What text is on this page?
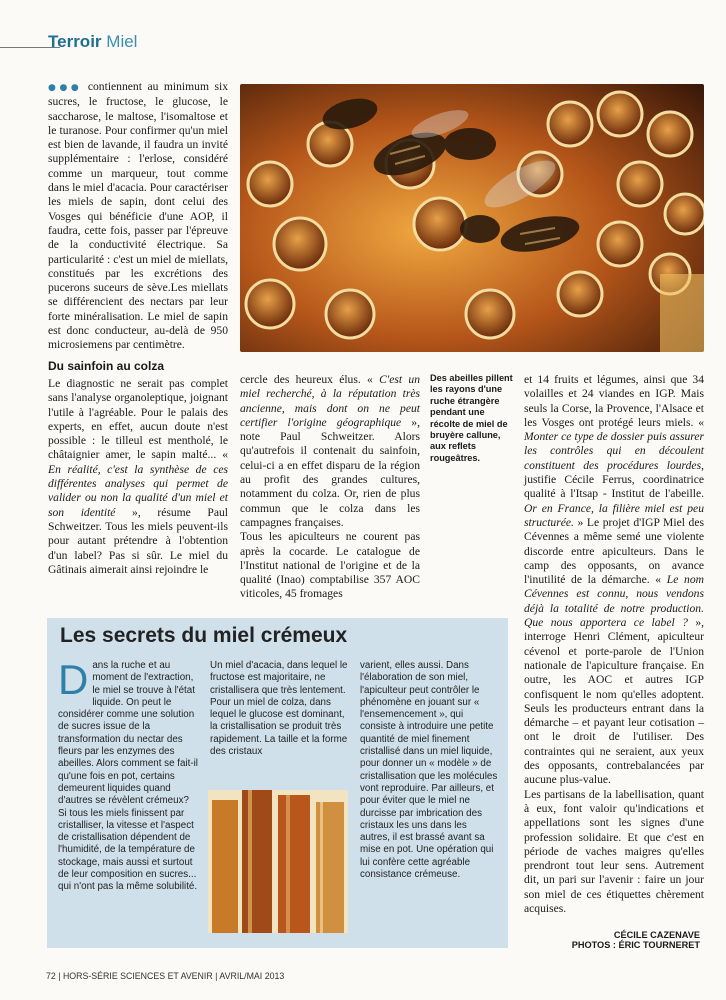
Terroir Miel

●●● contiennent au minimum six sucres, le fructose, le glucose, le saccharose, le maltose, l'isomaltose et le turanose. Pour confirmer qu'un miel est bien de lavande, il faudra un invité supplémentaire : l'erlose, considéré comme un marqueur, tout comme dans le miel d'acacia. Pour caractériser les miels de sapin, dont celui des Vosges qui bénéficie d'une AOP, il faudra, cette fois, passer par l'épreuve de la conductivité électrique. Sa particularité : c'est un miel de miellats, constitués par les excrétions des pucerons suceurs de sève.Les miellats se différencient des nectars par leur forte minéralisation. Le miel de sapin est donc conducteur, au-delà de 950 microsiemens par centimètre.

Du sainfoin au colza

Le diagnostic ne serait pas complet sans l'analyse organoleptique, joignant l'utile à l'agréable. Pour le palais des experts, en effet, aucun doute n'est possible : le tilleul est mentholé, le châtaignier amer, le sapin malté... « En réalité, c'est la synthèse de ces différentes analyses qui permet de valider ou non la qualité d'un miel et son identité », résume Paul Schweitzer. Tous les miels peuvent-ils pour autant prétendre à l'obtention d'un label? Pas si sûr. Le miel du Gâtinais aimerait ainsi rejoindre le

cercle des heureux élus. « C'est un miel recherché, à la réputation très ancienne, mais dont on ne peut certifier l'origine géographique », note Paul Schweitzer. Alors qu'autrefois il contenait du sainfoin, celui-ci a en effet disparu de la région au profit des grandes cultures, notamment du colza. Or, rien de plus commun que le colza dans les campagnes françaises.

Tous les apiculteurs ne courent pas après la cocarde. Le catalogue de l'Institut national de l'origine et de la qualité (Inao) comptabilise 357 AOC viticoles, 45 fromages

Des abeilles pillent les rayons d'une ruche étrangère pendant une récolte de miel de bruyère callune, aux reflets rougeâtres.

et 14 fruits et légumes, ainsi que 34 volailles et 24 viandes en IGP. Mais seuls la Corse, la Provence, l'Alsace et les Vosges ont protégé leurs miels. « Monter ce type de dossier puis assurer les contrôles qui en découlent constituent des procédures lourdes, justifie Cécile Ferrus, coordinatrice qualité à l'Itsap - Institut de l'abeille. Or en France, la filière miel est peu structurée. » Le projet d'IGP Miel des Cévennes a même semé une violente discorde entre apiculteurs. Dans le camp des opposants, on avance l'inutilité de la démarche. « Le nom Cévennes est connu, nous vendons déjà la totalité de notre production. Que nous apportera ce label ? », interroge Henri Clément, apiculteur cévenol et porte-parole de l'Union nationale de l'apiculture française. En outre, les AOC et autres IGP confisquent le nom qu'elles adoptent. Seuls les producteurs entrant dans la démarche – et payant leur cotisation – ont le droit de l'utiliser. Des contraintes qui ne seraient, aux yeux des opposants, contrebalancées par aucune plus-value.

Les partisans de la labellisation, quant à eux, font valoir qu'indications et appellations sont les signes d'une profession solidaire. Et que c'est en période de vaches maigres qu'elles prendront tout leur sens. Autrement dit, un pari sur l'avenir : faire un jour son miel de ces étiquettes chèrement acquises.

CÉCILE CAZENAVE
PHOTOS : ÉRIC TOURNERET
Les secrets du miel crémeux

Dans la ruche et au moment de l'extraction, le miel se trouve à l'état liquide. On peut le considérer comme une solution de sucres issue de la transformation du nectar des fleurs par les enzymes des abeilles. Alors comment se fait-il qu'une fois en pot, certains demeurent liquides quand d'autres se révèlent crémeux?

Si tous les miels finissent par cristalliser, la vitesse et l'aspect de cristallisation dépendent de l'humidité, de la température de stockage, mais aussi et surtout de leur composition en sucres... qui n'ont pas la même solubilité.

Un miel d'acacia, dans lequel le fructose est majoritaire, ne cristallisera que très lentement. Pour un miel de colza, dans lequel le glucose est dominant, la cristallisation se produit très rapidement. La taille et la forme des cristaux

varient, elles aussi. Dans l'élaboration de son miel, l'apiculteur peut contrôler le phénomène en jouant sur « l'ensemencement », qui consiste à introduire une petite quantité de miel finement cristallisé dans un miel liquide, pour donner un « modèle » de cristallisation que les molécules vont reproduire. Par ailleurs, et pour éviter que le miel ne durcisse par imbrication des cristaux les uns dans les autres, il est brassé avant sa mise en pot. Une opération qui lui confère cette agréable consistance crémeuse.

72 | HORS-SÉRIE SCIENCES ET AVENIR | AVRIL/MAI 2013
